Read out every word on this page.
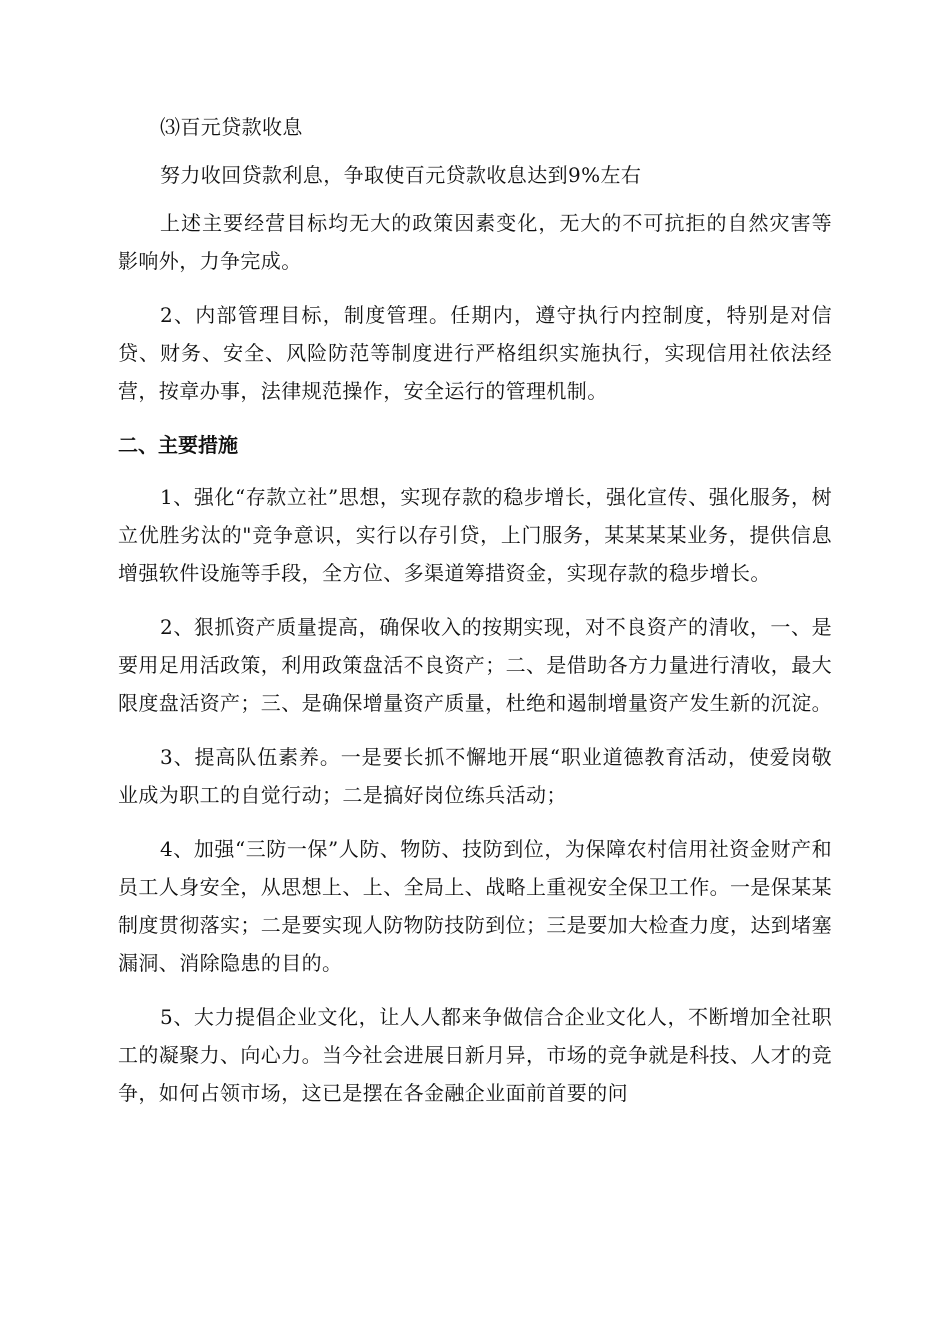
⑶百元贷款收息

努力收回贷款利息，争取使百元贷款收息达到9%左右

上述主要经营目标均无大的政策因素变化，无大的不可抗拒的自然灾害等影响外，力争完成。

2、内部管理目标，制度管理。任期内，遵守执行内控制度，特别是对信贷、财务、安全、风险防范等制度进行严格组织实施执行，实现信用社依法经营，按章办事，法律规范操作，安全运行的管理机制。

二、主要措施

1、强化“存款立社”思想，实现存款的稳步增长，强化宣传、强化服务，树立优胜劣汰的"竞争意识，实行以存引贷，上门服务，某某某某业务，提供信息增强软件设施等手段，全方位、多渠道筹措资金，实现存款的稳步增长。

2、狠抓资产质量提高，确保收入的按期实现，对不良资产的清收，一、是要用足用活政策，利用政策盘活不良资产；二、是借助各方力量进行清收，最大限度盘活资产；三、是确保增量资产质量，杜绝和遏制增量资产发生新的沉淀。

3、提高队伍素养。一是要长抓不懈地开展“职业道德教育活动，使爱岗敬业成为职工的自觉行动；二是搞好岗位练兵活动；

4、加强“三防一保”人防、物防、技防到位，为保障农村信用社资金财产和员工人身安全，从思想上、上、全局上、战略上重视安全保卫工作。一是保某某制度贯彻落实；二是要实现人防物防技防到位；三是要加大检查力度，达到堵塞漏洞、消除隐患的目的。

5、大力提倡企业文化，让人人都来争做信合企业文化人，不断增加全社职工的凝聚力、向心力。当今社会进展日新月异，市场的竞争就是科技、人才的竞争，如何占领市场，这已是摆在各金融企业面前首要的问
